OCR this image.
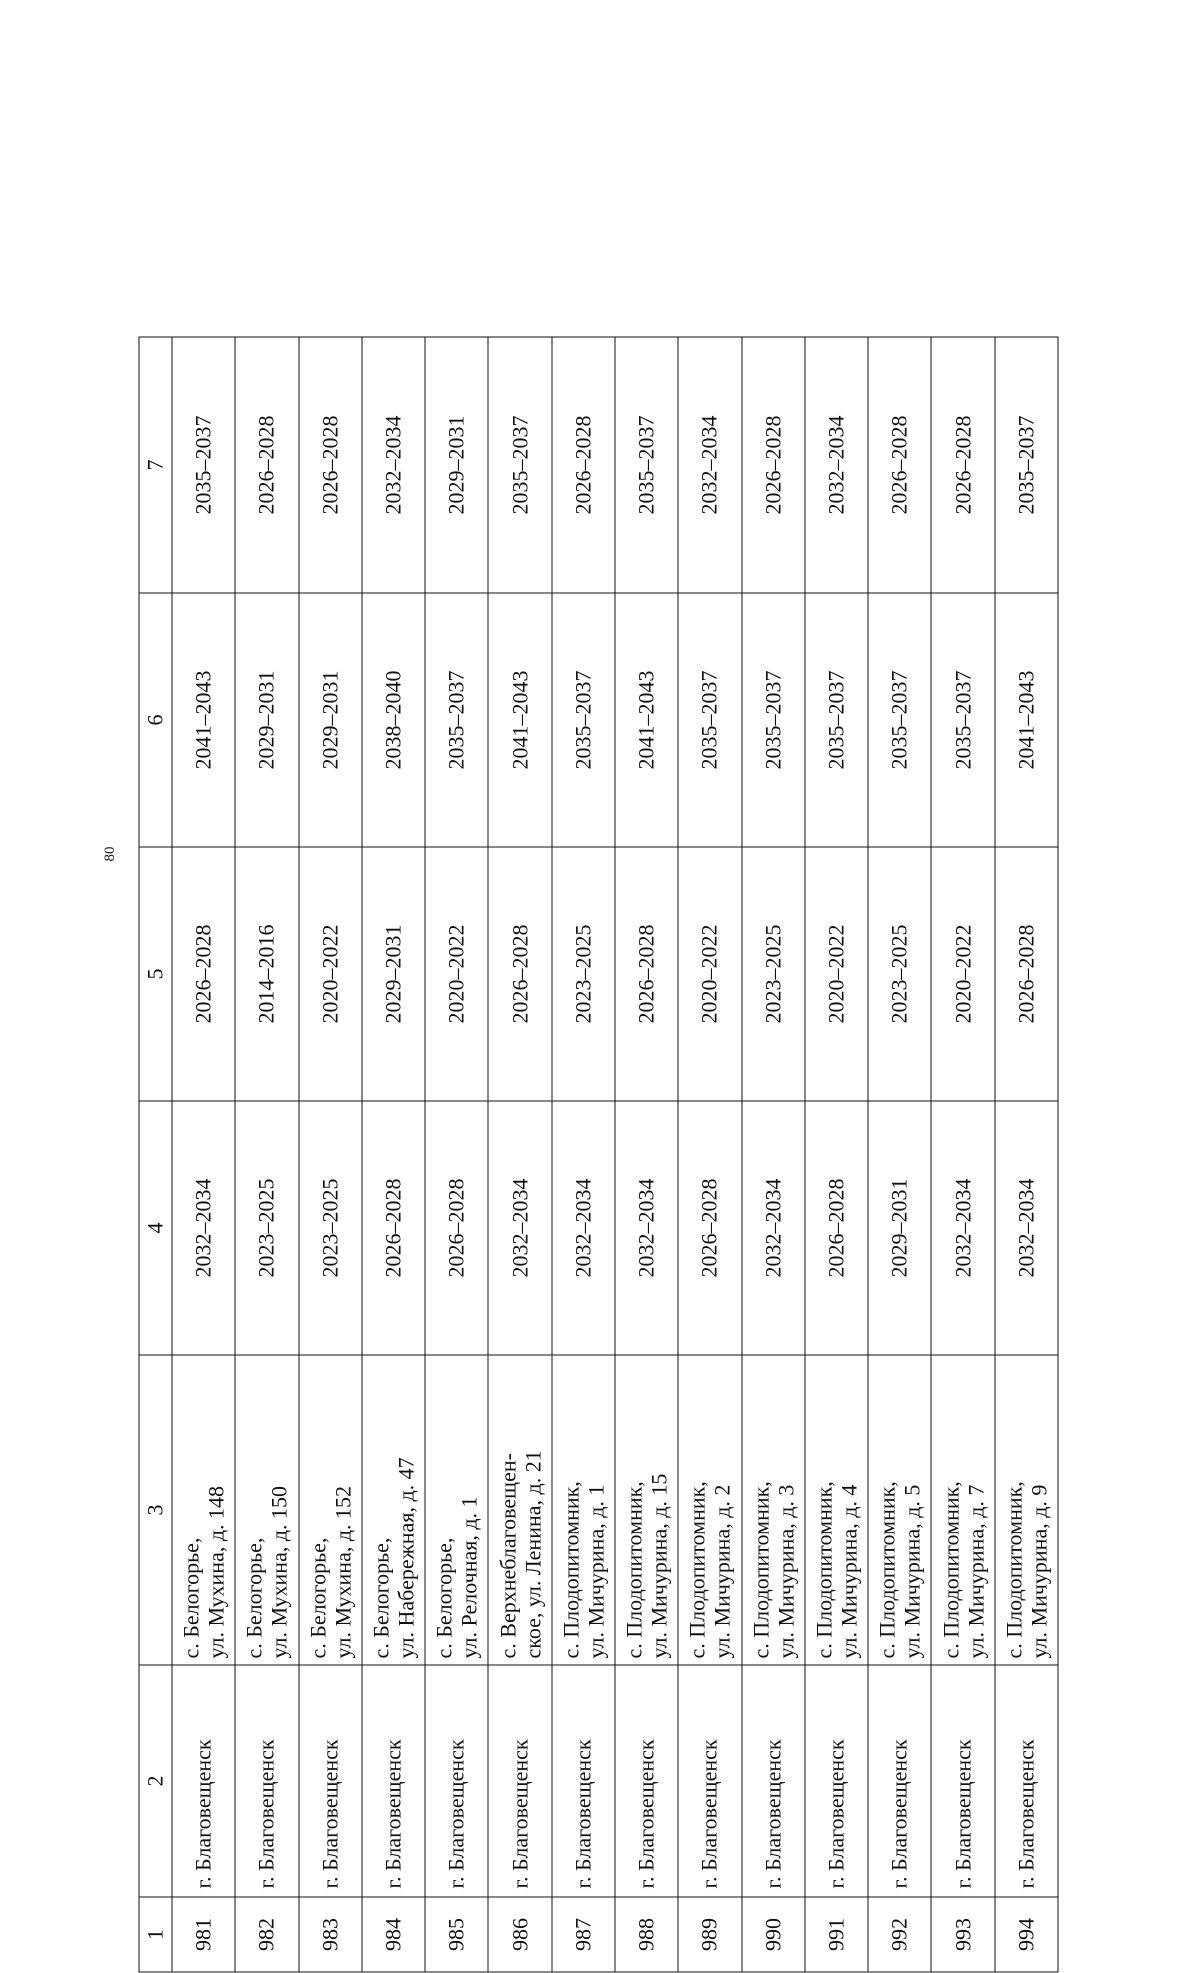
80
1	2	3	4	5	6	7
981	г. Благовещенск	с. Белогорье, ул. Мухина, д. 148	2032–2034	2026–2028	2041–2043	2035–2037
982	г. Благовещенск	с. Белогорье, ул. Мухина, д. 150	2023–2025	2014–2016	2029–2031	2026–2028
983	г. Благовещенск	с. Белогорье, ул. Мухина, д. 152	2023–2025	2020–2022	2029–2031	2026–2028
984	г. Благовещенск	с. Белогорье, ул. Набережная, д. 47	2026–2028	2029–2031	2038–2040	2032–2034
985	г. Благовещенск	с. Белогорье, ул. Релочная, д. 1	2026–2028	2020–2022	2035–2037	2029–2031
986	г. Благовещенск	с. Верхнеблаговещен- ское, ул. Ленина, д. 21	2032–2034	2026–2028	2041–2043	2035–2037
987	г. Благовещенск	с. Плодопитомник, ул. Мичурина, д. 1	2032–2034	2023–2025	2035–2037	2026–2028
988	г. Благовещенск	с. Плодопитомник, ул. Мичурина, д. 15	2032–2034	2026–2028	2041–2043	2035–2037
989	г. Благовещенск	с. Плодопитомник, ул. Мичурина, д. 2	2026–2028	2020–2022	2035–2037	2032–2034
990	г. Благовещенск	с. Плодопитомник, ул. Мичурина, д. 3	2032–2034	2023–2025	2035–2037	2026–2028
991	г. Благовещенск	с. Плодопитомник, ул. Мичурина, д. 4	2026–2028	2020–2022	2035–2037	2032–2034
992	г. Благовещенск	с. Плодопитомник, ул. Мичурина, д. 5	2029–2031	2023–2025	2035–2037	2026–2028
993	г. Благовещенск	с. Плодопитомник, ул. Мичурина, д. 7	2032–2034	2020–2022	2035–2037	2026–2028
994	г. Благовещенск	с. Плодопитомник, ул. Мичурина, д. 9	2032–2034	2026–2028	2041–2043	2035–2037
